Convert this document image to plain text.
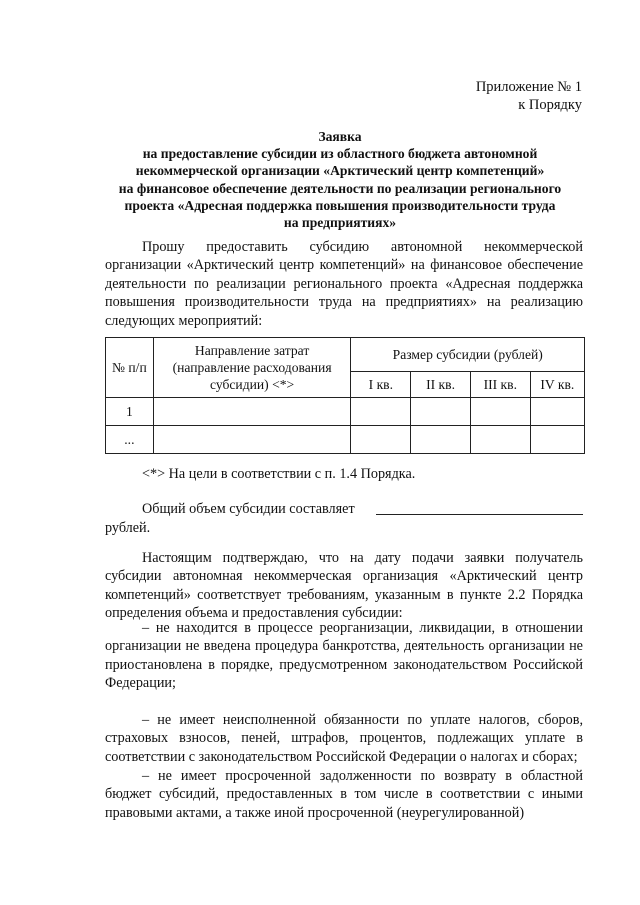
Приложение № 1
к Порядку
Заявка
на предоставление субсидии из областного бюджета автономной
некоммерческой организации «Арктический центр компетенций»
на финансовое обеспечение деятельности по реализации регионального
проекта «Адресная поддержка повышения производительности труда
на предприятиях»
Прошу предоставить субсидию автономной некоммерческой организации «Арктический центр компетенций» на финансовое обеспечение деятельности по реализации регионального проекта «Адресная поддержка повышения производительности труда на предприятиях» на реализацию следующих мероприятий:
№ п/п	Направление затрат (направление расходования субсидии) <*>	Размер субсидии (рублей)			
		I кв.	II кв.	III кв.	IV кв.
1					
...					
<*> На цели в соответствии с п. 1.4 Порядка.
Общий объем субсидии составляет
рублей.
Настоящим подтверждаю, что на дату подачи заявки получатель субсидии автономная некоммерческая организация «Арктический центр компетенций» соответствует требованиям, указанным в пункте 2.2 Порядка определения объема и предоставления субсидии:
– не находится в процессе реорганизации, ликвидации, в отношении организации не введена процедура банкротства, деятельность организации не приостановлена в порядке, предусмотренном законодательством Российской Федерации;
– не имеет неисполненной обязанности по уплате налогов, сборов, страховых взносов, пеней, штрафов, процентов, подлежащих уплате в соответствии с законодательством Российской Федерации о налогах и сборах;
– не имеет просроченной задолженности по возврату в областной бюджет субсидий, предоставленных в том числе в соответствии с иными правовыми актами, а также иной просроченной (неурегулированной)
